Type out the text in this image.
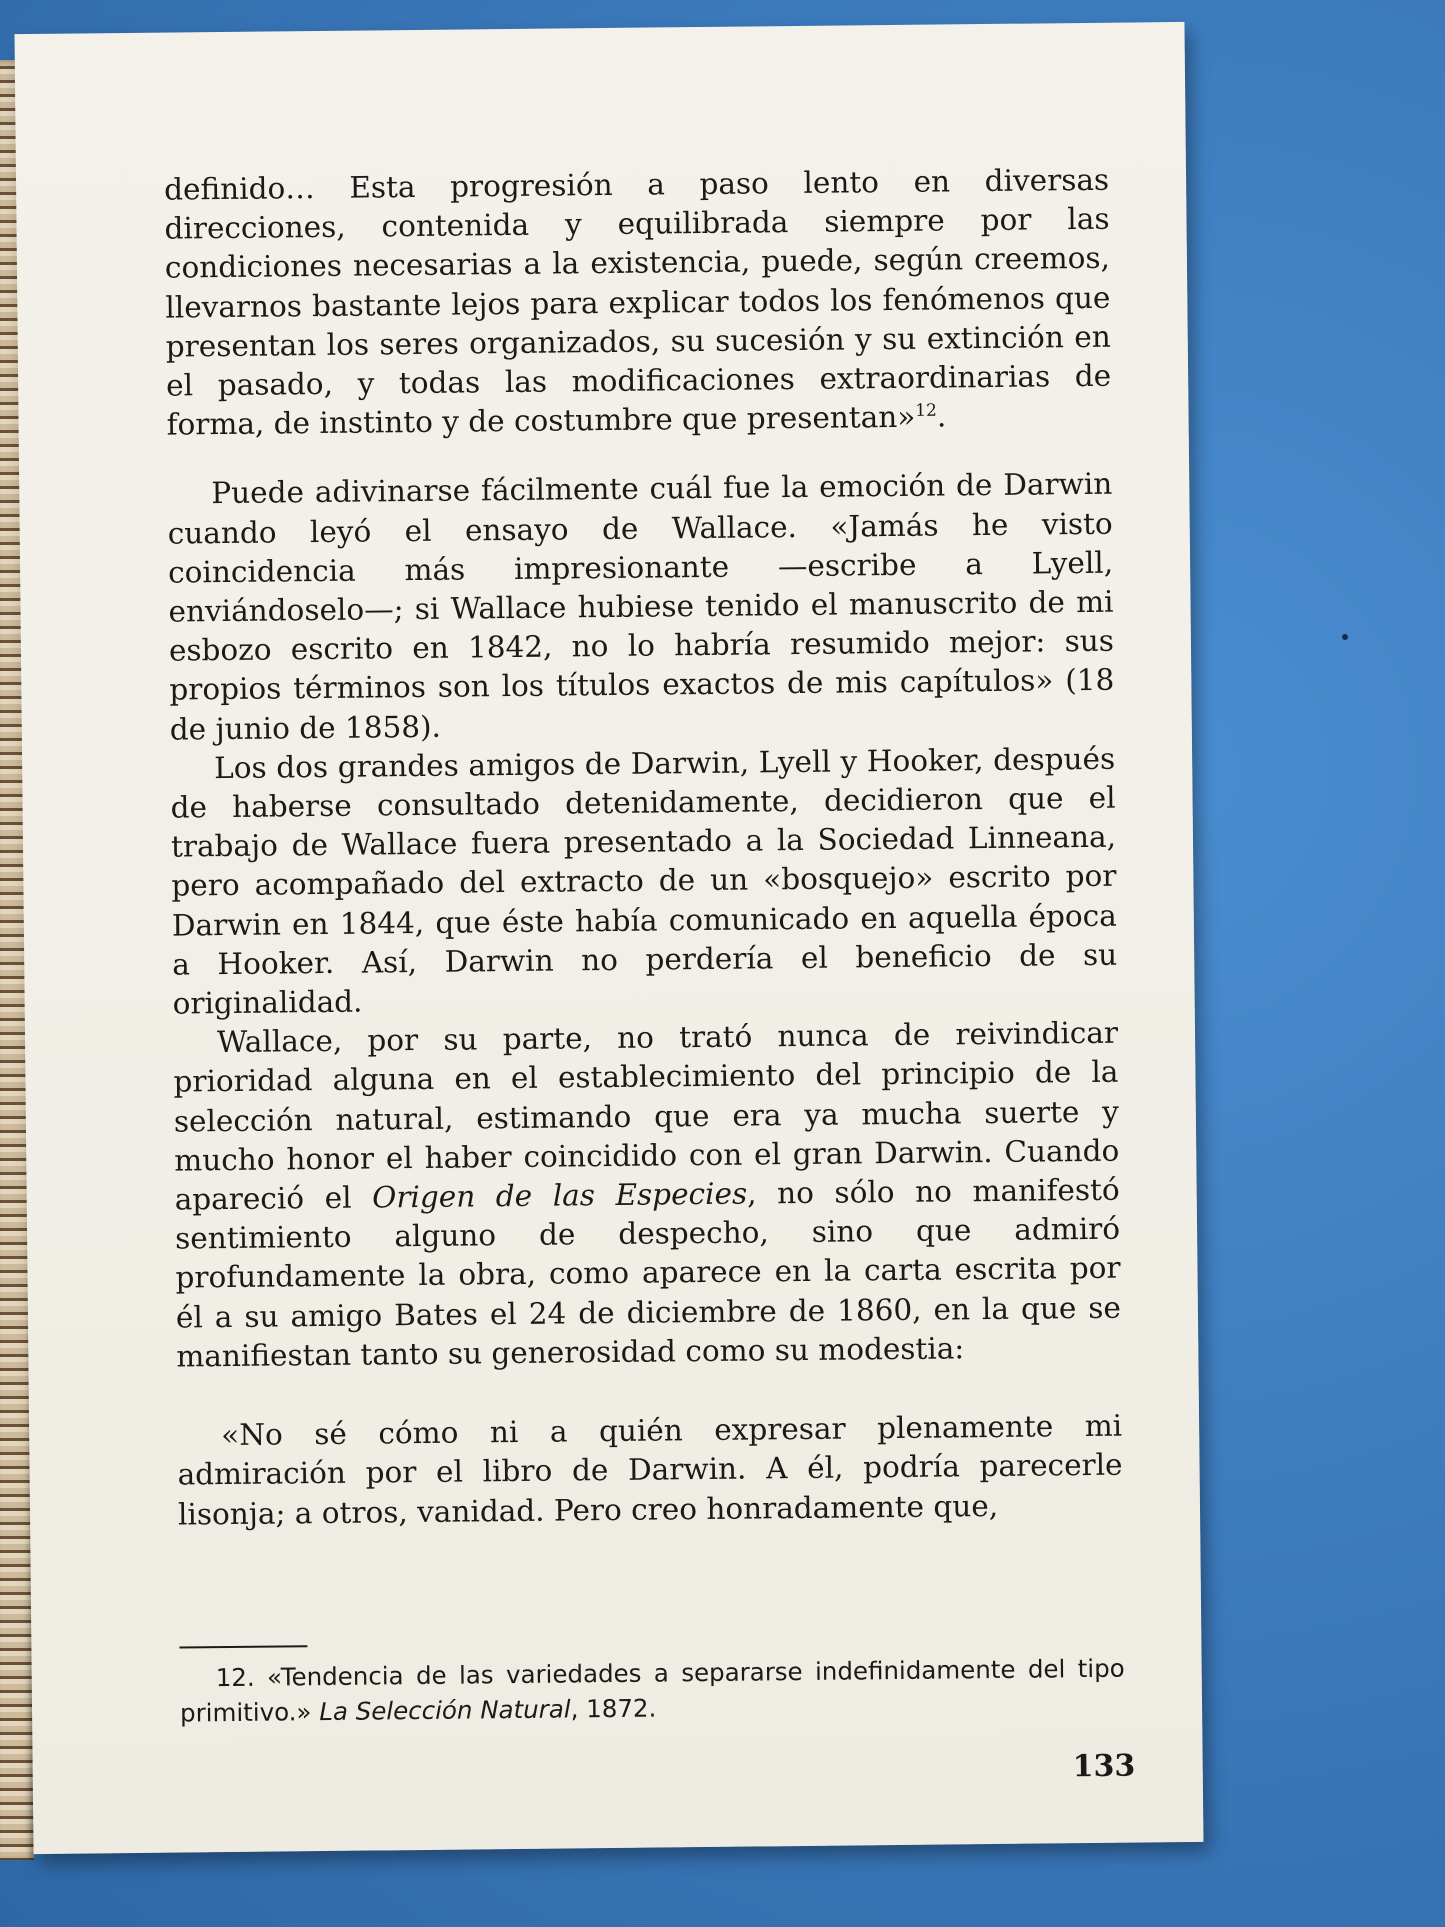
definido… Esta progresión a paso lento en diversas direcciones, contenida y equilibrada siempre por las condiciones necesarias a la existencia, puede, según creemos, llevarnos bastante lejos para explicar todos los fenómenos que presentan los seres organizados, su sucesión y su extinción en el pasado, y todas las modificaciones extraordinarias de forma, de instinto y de costumbre que presentan»$^{12}$.

Puede adivinarse fácilmente cuál fue la emoción de Darwin cuando leyó el ensayo de Wallace. «Jamás he visto coincidencia más impresionante —escribe a Lyell, enviándoselo—; si Wallace hubiese tenido el manuscrito de mi esbozo escrito en 1842, no lo habría resumido mejor: sus propios términos son los títulos exactos de mis capítulos» (18 de junio de 1858).

Los dos grandes amigos de Darwin, Lyell y Hooker, después de haberse consultado detenidamente, decidieron que el trabajo de Wallace fuera presentado a la Sociedad Linneana, pero acompañado del extracto de un «bosquejo» escrito por Darwin en 1844, que éste había comunicado en aquella época a Hooker. Así, Darwin no perdería el beneficio de su originalidad.

Wallace, por su parte, no trató nunca de reivindicar prioridad alguna en el establecimiento del principio de la selección natural, estimando que era ya mucha suerte y mucho honor el haber coincidido con el gran Darwin. Cuando apareció el Origen de las Especies, no sólo no manifestó sentimiento alguno de despecho, sino que admiró profundamente la obra, como aparece en la carta escrita por él a su amigo Bates el 24 de diciembre de 1860, en la que se manifiestan tanto su generosidad como su modestia:

«No sé cómo ni a quién expresar plenamente mi admiración por el libro de Darwin. A él, podría parecerle lisonja; a otros, vanidad. Pero creo honradamente que,

12. «Tendencia de las variedades a separarse indefinidamente del tipo primitivo.» La Selección Natural, 1872.

133
